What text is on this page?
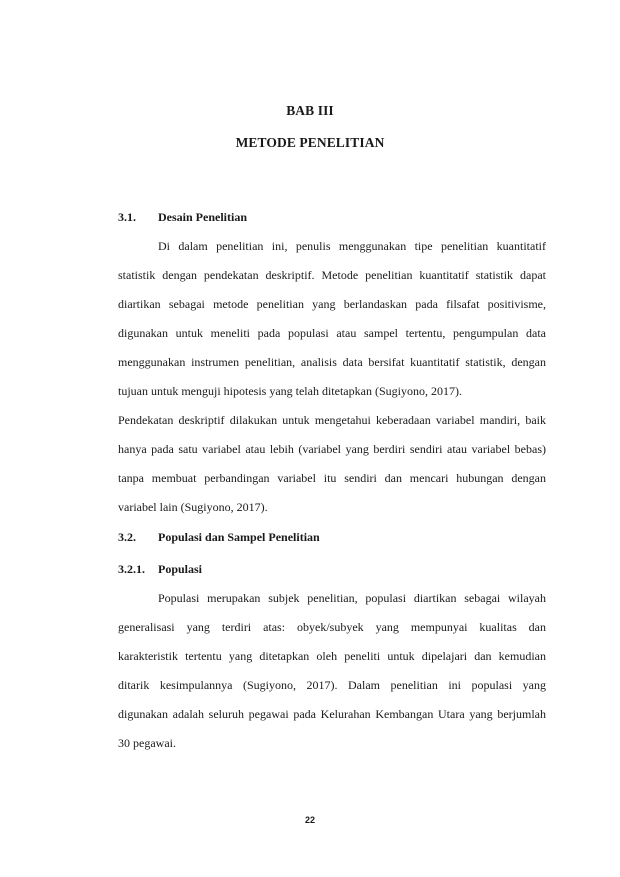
BAB III
METODE PENELITIAN
3.1. Desain Penelitian
Di dalam penelitian ini, penulis menggunakan tipe penelitian kuantitatif
statistik dengan pendekatan deskriptif. Metode penelitian kuantitatif statistik dapat
diartikan sebagai metode penelitian yang berlandaskan pada filsafat positivisme,
digunakan untuk meneliti pada populasi atau sampel tertentu, pengumpulan data
menggunakan instrumen penelitian, analisis data bersifat kuantitatif statistik, dengan
tujuan untuk menguji hipotesis yang telah ditetapkan (Sugiyono, 2017).
Pendekatan deskriptif dilakukan untuk mengetahui keberadaan variabel mandiri, baik
hanya pada satu variabel atau lebih (variabel yang berdiri sendiri atau variabel bebas)
tanpa membuat perbandingan variabel itu sendiri dan mencari hubungan dengan
variabel lain (Sugiyono, 2017).
3.2. Populasi dan Sampel Penelitian
3.2.1. Populasi
Populasi merupakan subjek penelitian, populasi diartikan sebagai wilayah
generalisasi yang terdiri atas: obyek/subyek yang mempunyai kualitas dan
karakteristik tertentu yang ditetapkan oleh peneliti untuk dipelajari dan kemudian
ditarik kesimpulannya (Sugiyono, 2017). Dalam penelitian ini populasi yang
digunakan adalah seluruh pegawai pada Kelurahan Kembangan Utara yang berjumlah
30 pegawai.
22
